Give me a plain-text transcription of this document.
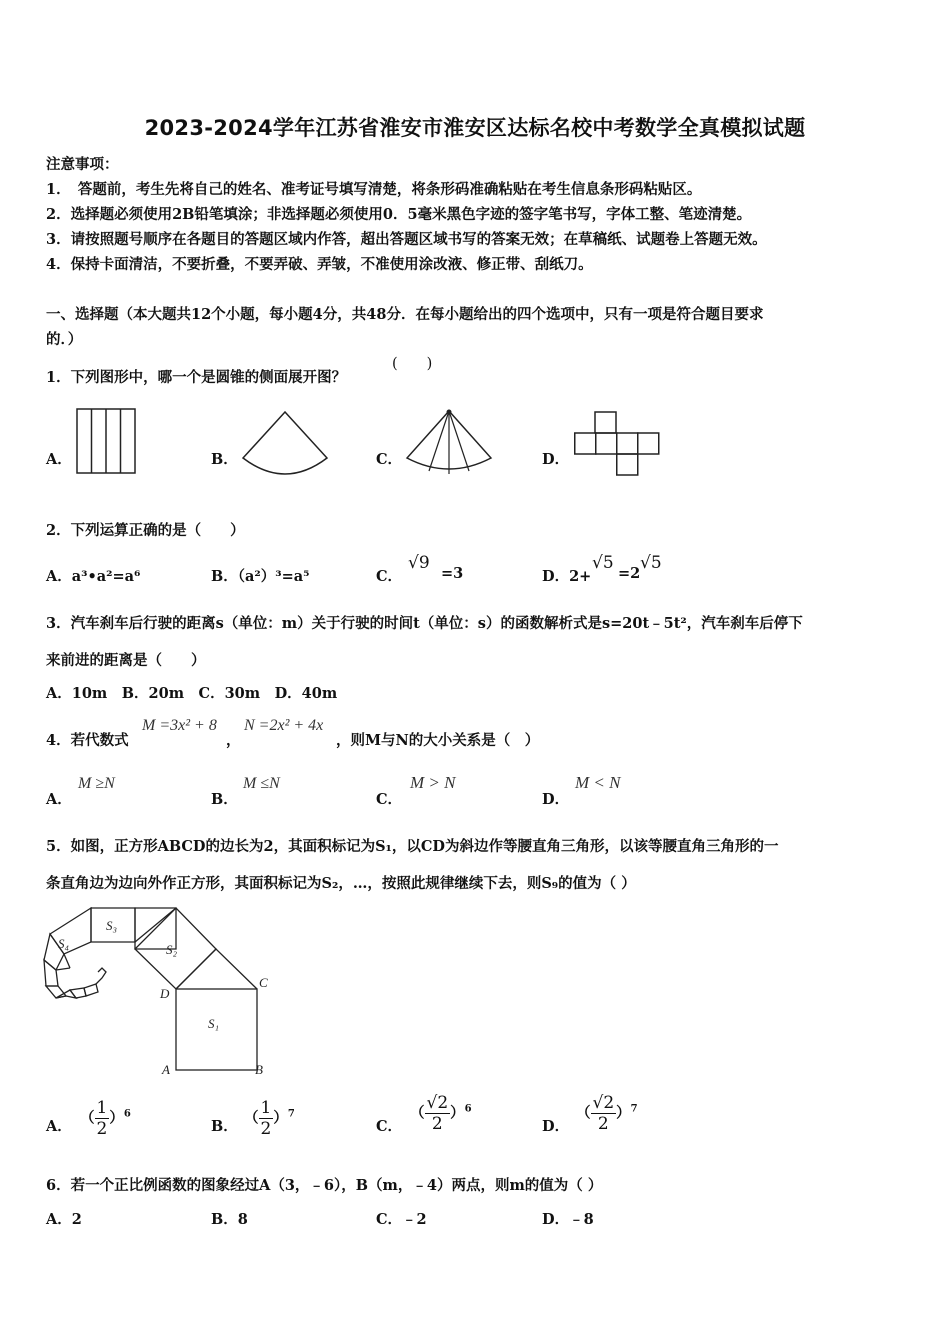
2023-2024学年江苏省淮安市淮安区达标名校中考数学全真模拟试题
注意事项：
1．　答题前，考生先将自己的姓名、准考证号填写清楚，将条形码准确粘贴在考生信息条形码粘贴区。
2．选择题必须使用2B铅笔填涂；非选择题必须使用0．5毫米黑色字迹的签字笔书写，字体工整、笔迹清楚。
3．请按照题号顺序在各题目的答题区域内作答，超出答题区域书写的答案无效；在草稿纸、试题卷上答题无效。
4．保持卡面清洁，不要折叠，不要弄破、弄皱，不准使用涂改液、修正带、刮纸刀。
一、选择题（本大题共12个小题，每小题4分，共48分．在每小题给出的四个选项中，只有一项是符合题目要求
的．）
1．下列图形中，哪一个是圆锥的侧面展开图？
(　　)
A．	B．	C．	D．
2．下列运算正确的是（　　）
A．a³•a²=a⁶	B．（a²）³=a⁵	C．
√9
=3	D．2+
√5
=2
√5
3．汽车刹车后行驶的距离s（单位：m）关于行驶的时间t（单位：s）的函数解析式是s=20t﹣5t²，汽车刹车后停下
来前进的距离是（　　）
A．10m　B．20m　C．30m　D．40m
4．若代数式
M =3x² + 8
，
N =2x² + 4x
，则M与N的大小关系是（　）
A．
M ≥N
B．
M ≤N
C．
M > N
D．
M < N
5．如图，正方形ABCD的边长为2，其面积标记为S₁，以CD为斜边作等腰直角三角形，以该等腰直角三角形的一
条直角边为边向外作正方形，其面积标记为S₂，…，按照此规律继续下去，则S₉的值为（ ）
S₁
S₂
S₃
S₄
A	B
C
D
A． （ $\frac{1}{2} )^6$
B． （ $\frac{1}{2} )^7$
C．
（ $\frac{√2}{2} )^6$
D．
（ $\frac{√2}{2} )^7$
6．若一个正比例函数的图象经过A（3，﹣6），B（m，﹣4）两点，则m的值为（ ）
A．2	B．8	C．﹣2	D．﹣8
